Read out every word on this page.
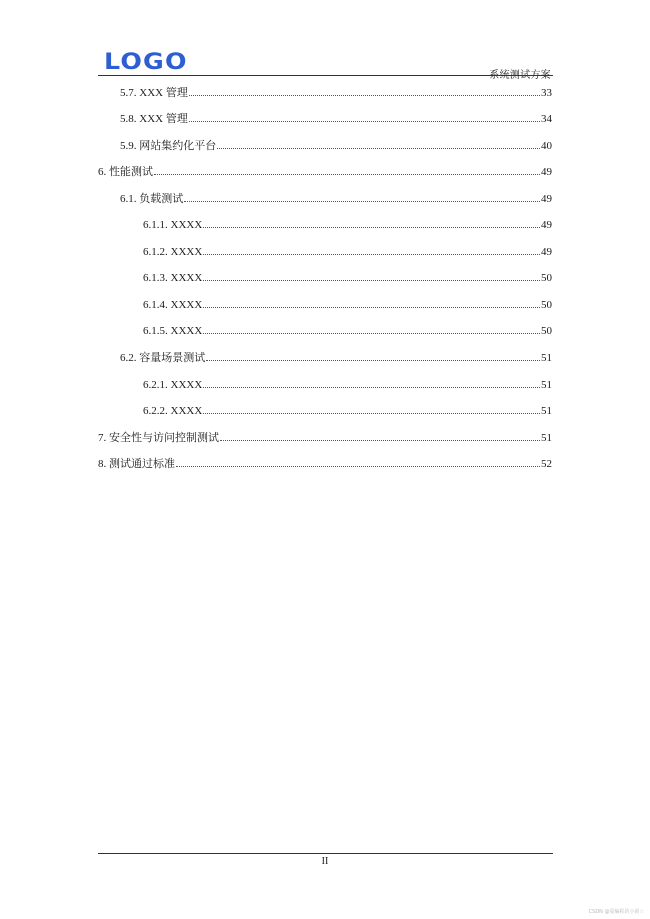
LOGO
系统测试方案
5.7. XXX 管理	33
5.8. XXX 管理	34
5.9. 网站集约化平台	40
6. 性能测试	49
6.1. 负载测试	49
6.1.1. XXXX	49
6.1.2. XXXX	49
6.1.3. XXXX	50
6.1.4. XXXX	50
6.1.5. XXXX	50
6.2. 容量场景测试	51
6.2.1. XXXX	51
6.2.2. XXXX	51
7. 安全性与访问控制测试	51
8. 测试通过标准	52
II
CSDN @爱编程的小新☆
